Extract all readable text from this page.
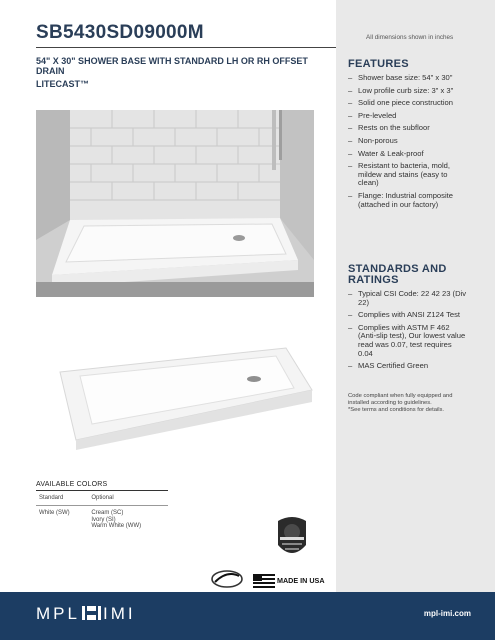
SB5430SD09000M	All dimensions shown in inches
54" X 30" SHOWER BASE WITH STANDARD LH OR RH OFFSET DRAIN
LITECAST™
FEATURES
– Shower base size: 54" x 30"
– Low profile curb size: 3" x 3"
– Solid one piece construction
– Pre-leveled
– Rests on the subfloor
– Non-porous
– Water & Leak-proof
– Resistant to bacteria, mold, mildew and stains (easy to clean)
– Flange: Industrial composite (attached in our factory)
STANDARDS AND RATINGS
– Typical CSI Code: 22 42 23 (Div 22)
– Complies with ANSI Z124 Test
– Complies with ASTM F 462 (Anti-slip test), Our lowest value read was 0.07, test requires 0.04
– MAS Certified Green
Code compliant when fully equipped and installed according to guidelines.
*See terms and conditions for details.
AVAILABLE COLORS
Standard	Optional
White (SW)	Cream (SC)
Ivory (SI)
Warm White (WW)
MADE IN USA
MPL IMI	mpl-imi.com
